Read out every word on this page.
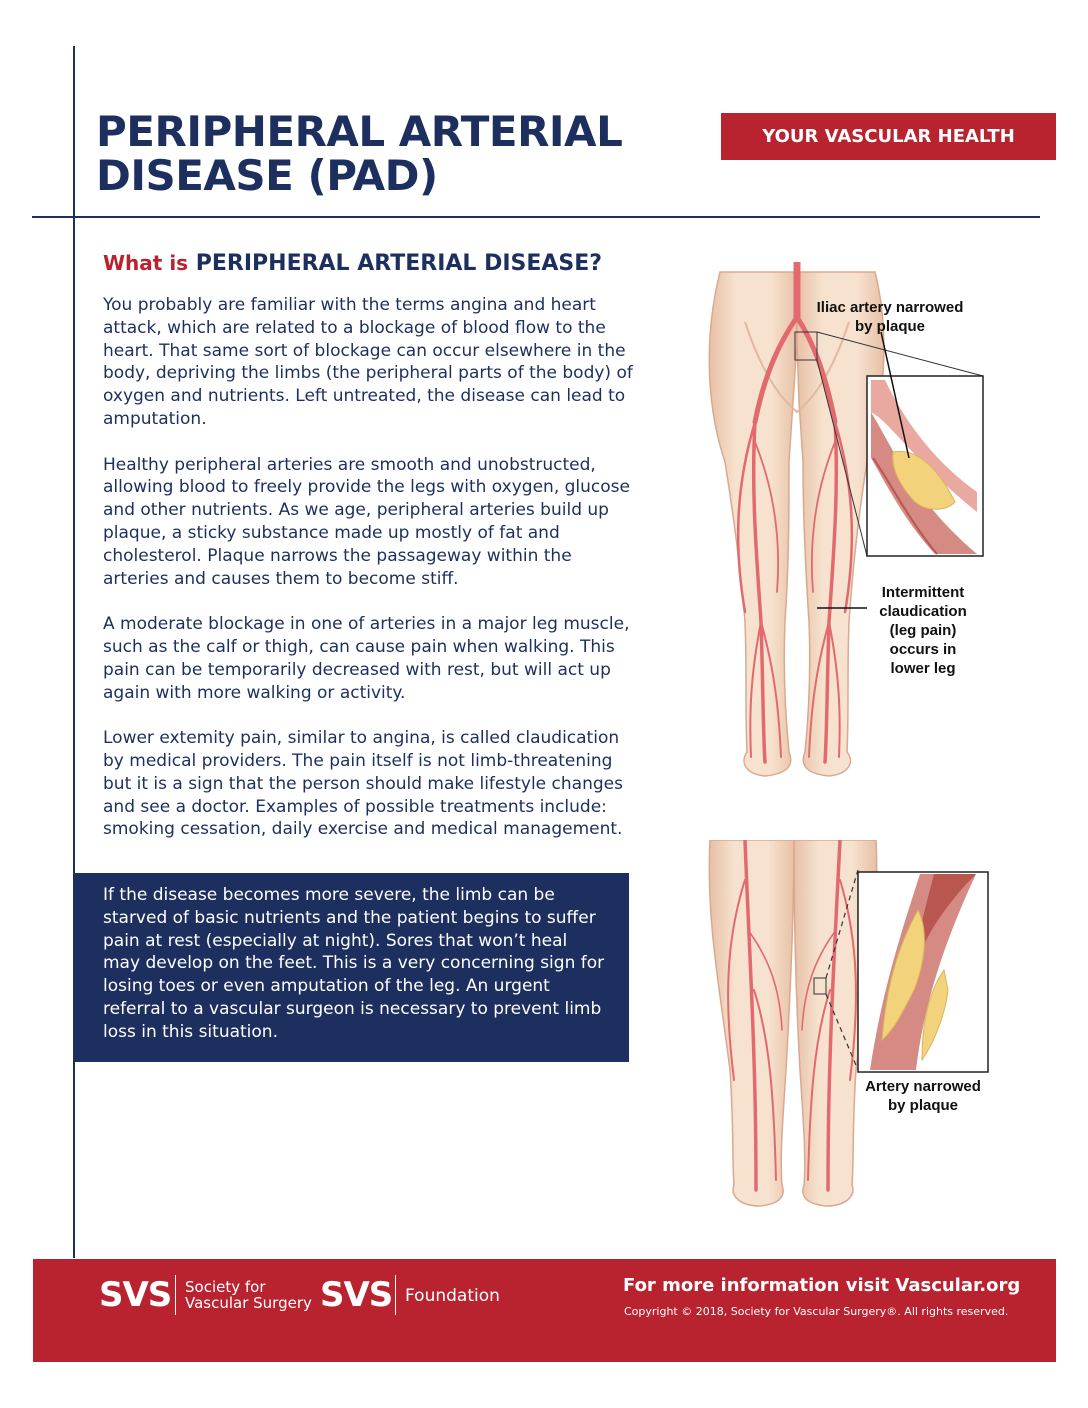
PERIPHERAL ARTERIAL
DISEASE (PAD)
YOUR VASCULAR HEALTH
What is PERIPHERAL ARTERIAL DISEASE?

You probably are familiar with the terms angina and heart attack, which are related to a blockage of blood flow to the heart. That same sort of blockage can occur elsewhere in the body, depriving the limbs (the peripheral parts of the body) of oxygen and nutrients. Left untreated, the disease can lead to amputation.

Healthy peripheral arteries are smooth and unobstructed, allowing blood to freely provide the legs with oxygen, glucose and other nutrients. As we age, peripheral arteries build up plaque, a sticky substance made up mostly of fat and cholesterol. Plaque narrows the passageway within the arteries and causes them to become stiff.

A moderate blockage in one of arteries in a major leg muscle, such as the calf or thigh, can cause pain when walking. This pain can be temporarily decreased with rest, but will act up again with more walking or activity.

Lower extemity pain, similar to angina, is called claudication by medical providers. The pain itself is not limb-threatening but it is a sign that the person should make lifestyle changes and see a doctor. Examples of possible treatments include: smoking cessation, daily exercise and medical management.

If the disease becomes more severe, the limb can be starved of basic nutrients and the patient begins to suffer pain at rest (especially at night). Sores that won’t heal may develop on the feet. This is a very concerning sign for losing toes or even amputation of the leg. An urgent referral to a vascular surgeon is necessary to prevent limb loss in this situation.
Iliac artery narrowed
by plaque
Intermittent
claudication
(leg pain)
occurs in
lower leg
Artery narrowed
by plaque
SVS Society for
Vascular Surgery SVS Foundation	For more information visit Vascular.org
Copyright © 2018, Society for Vascular Surgery®. All rights reserved.
